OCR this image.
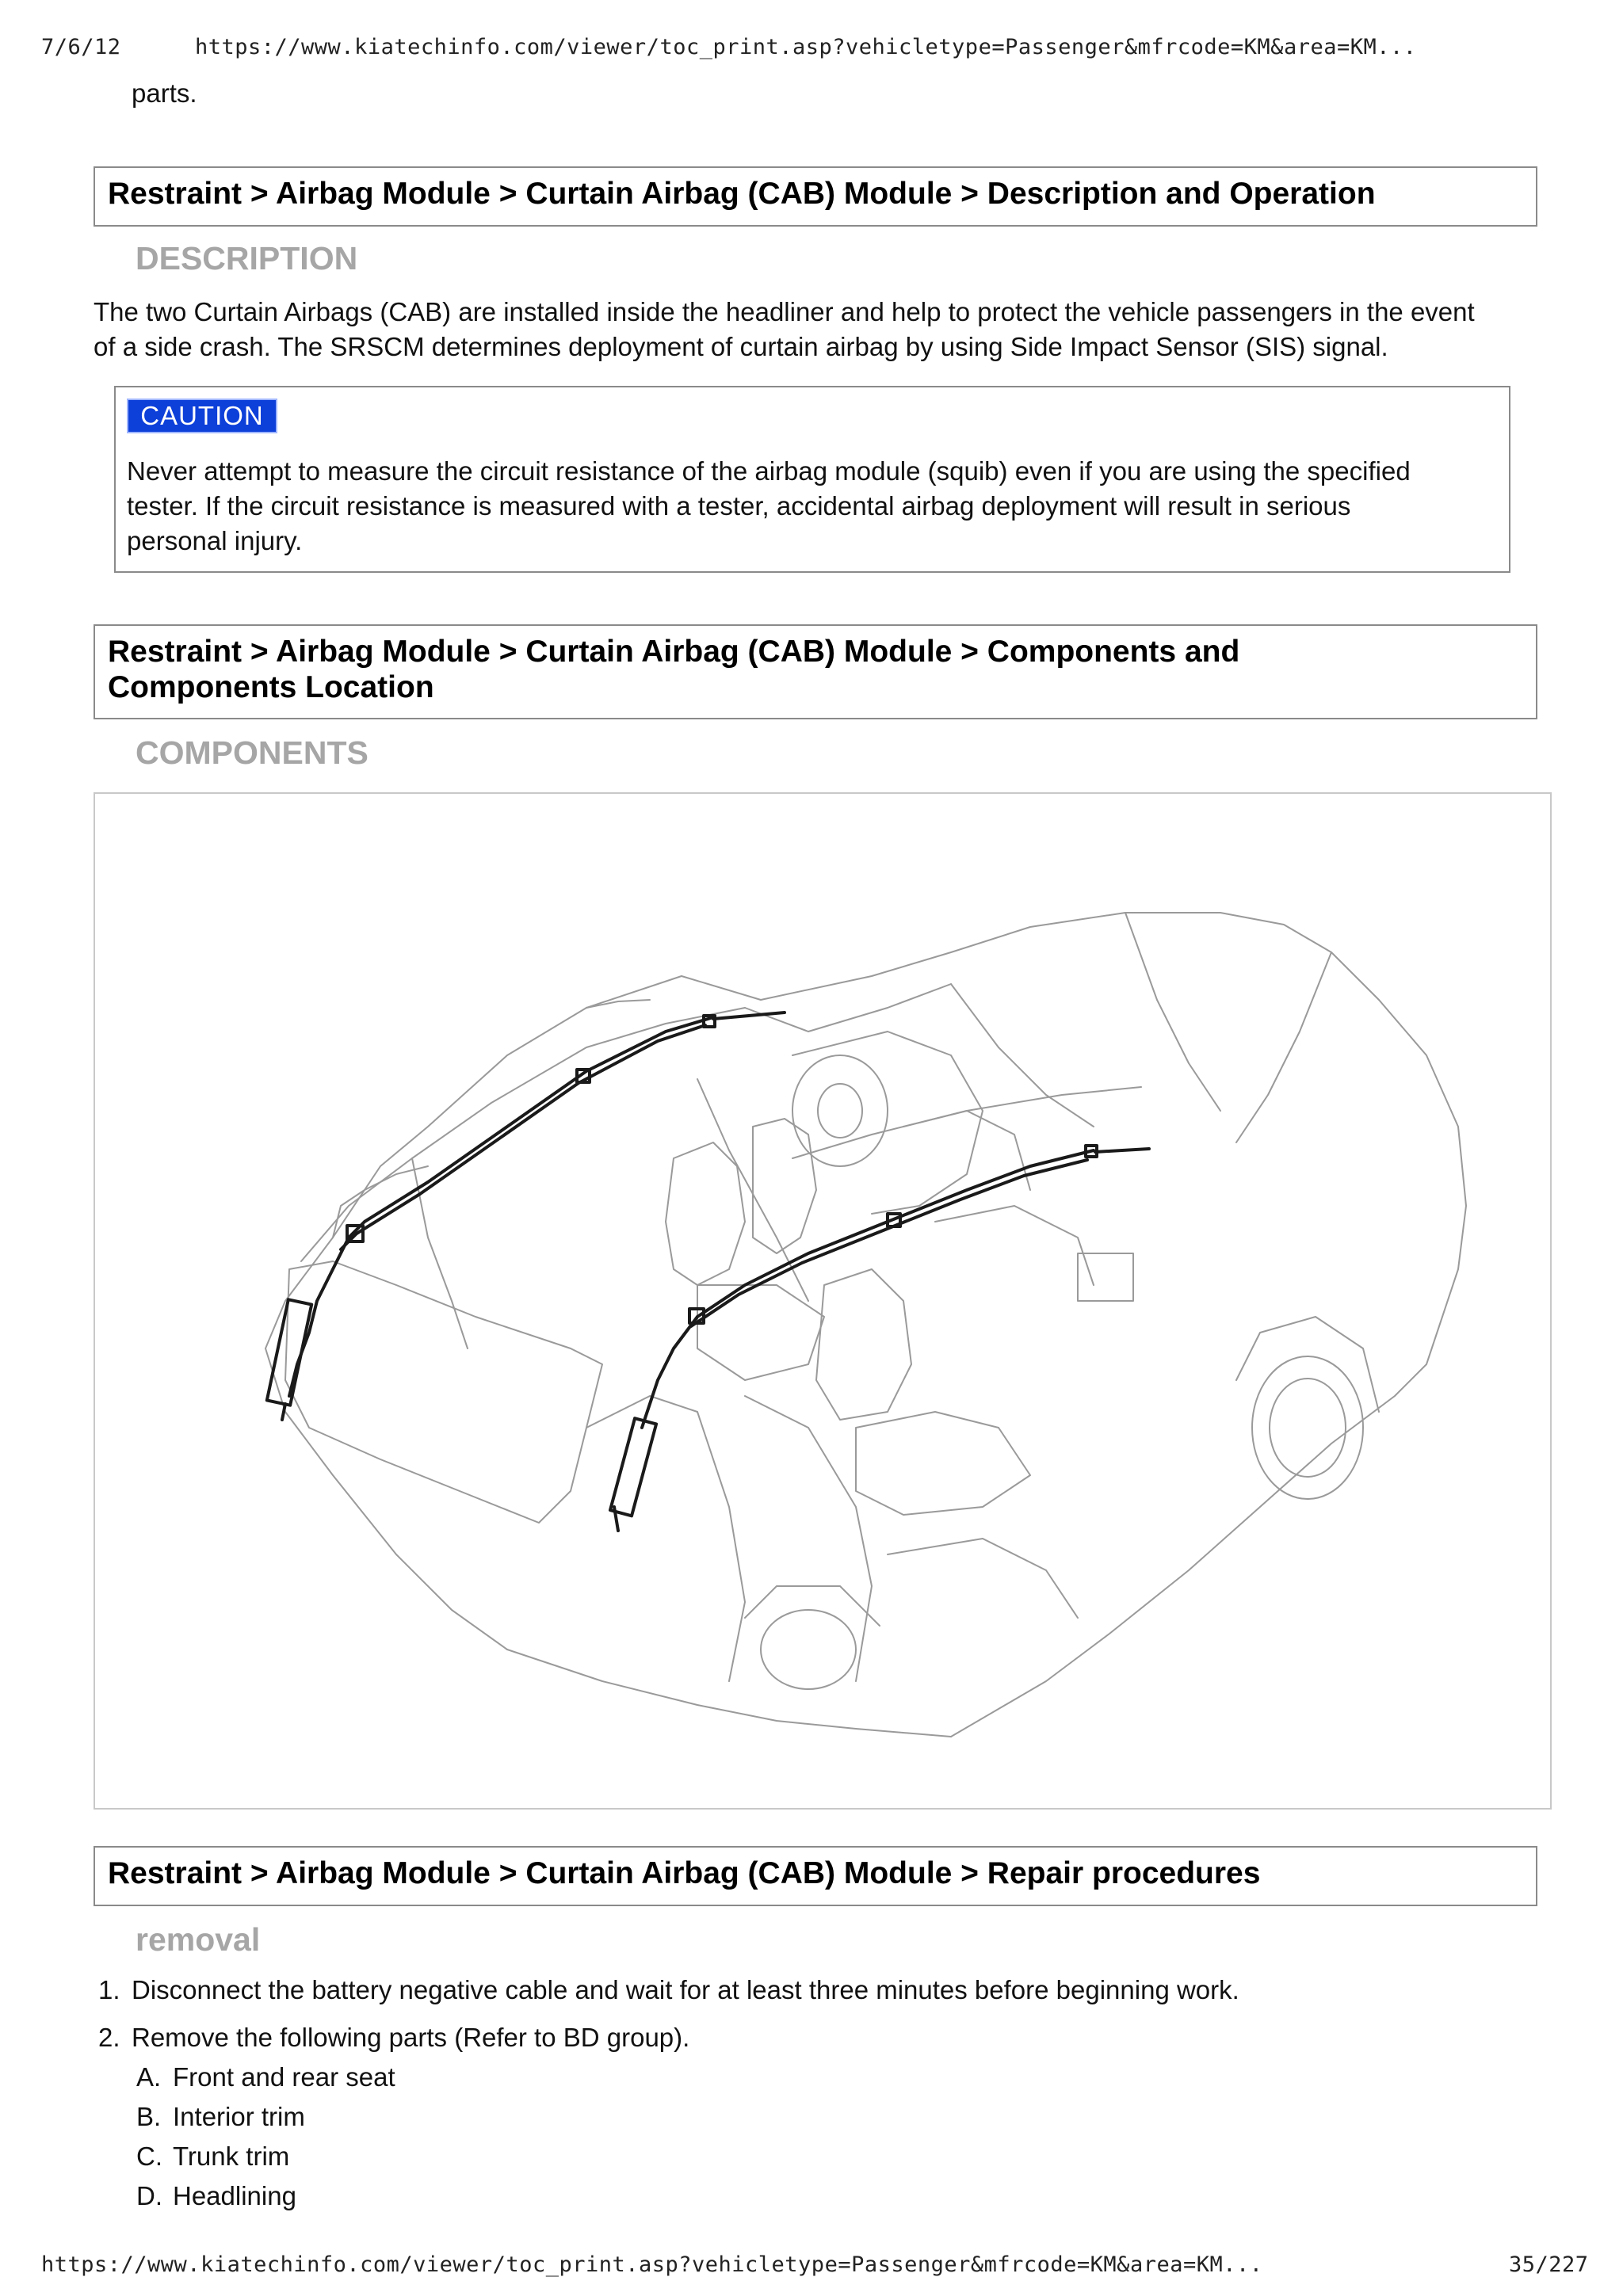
7/6/12	https://www.kiatechinfo.com/viewer/toc_print.asp?vehicletype=Passenger&mfrcode=KM&area=KM...
parts.
Restraint > Airbag Module > Curtain Airbag (CAB) Module > Description and Operation
DESCRIPTION
The two Curtain Airbags (CAB) are installed inside the headliner and help to protect the vehicle passengers in the event
of a side crash. The SRSCM determines deployment of curtain airbag by using Side Impact Sensor (SIS) signal.
CAUTION
Never attempt to measure the circuit resistance of the airbag module (squib) even if you are using the specified
tester. If the circuit resistance is measured with a tester, accidental airbag deployment will result in serious
personal injury.
Restraint > Airbag Module > Curtain Airbag (CAB) Module > Components and
Components Location
COMPONENTS
Restraint > Airbag Module > Curtain Airbag (CAB) Module > Repair procedures
removal
1. Disconnect the battery negative cable and wait for at least three minutes before beginning work.
2. Remove the following parts (Refer to BD group).
A. Front and rear seat
B. Interior trim
C. Trunk trim
D. Headlining
https://www.kiatechinfo.com/viewer/toc_print.asp?vehicletype=Passenger&mfrcode=KM&area=KM...	35/227
